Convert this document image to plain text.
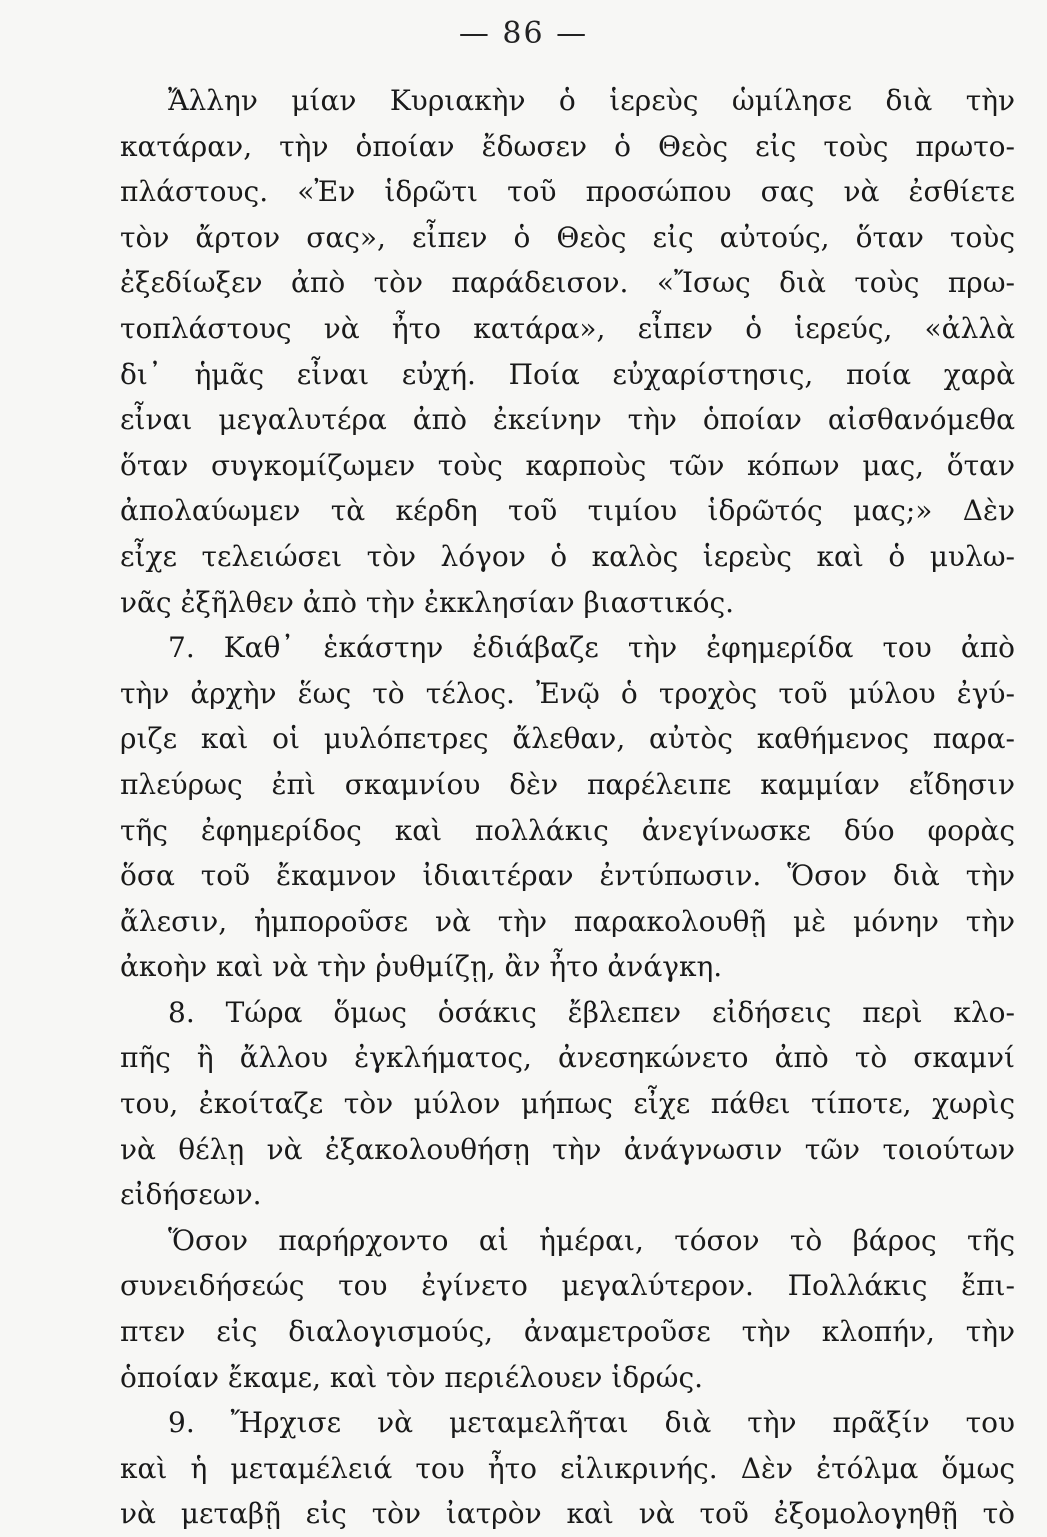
— 86 —
Ἄλλην μίαν Κυριακὴν ὁ ἱερεὺς ὡμίλησε διὰ τὴν
κατάραν, τὴν ὁποίαν ἔδωσεν ὁ Θεὸς εἰς τοὺς πρωτο-
πλάστους. «Ἐν ἱδρῶτι τοῦ προσώπου σας νὰ ἐσθίετε
τὸν ἄρτον σας», εἶπεν ὁ Θεὸς εἰς αὐτούς, ὅταν τοὺς
ἐξεδίωξεν ἀπὸ τὸν παράδεισον. «Ἴσως διὰ τοὺς πρω-
τοπλάστους νὰ ἦτο κατάρα», εἶπεν ὁ ἱερεύς, «ἀλλὰ
δι᾽ ἡμᾶς εἶναι εὐχή. Ποία εὐχαρίστησις, ποία χαρὰ
εἶναι μεγαλυτέρα ἀπὸ ἐκείνην τὴν ὁποίαν αἰσθανόμεθα
ὅταν συγκομίζωμεν τοὺς καρποὺς τῶν κόπων μας, ὅταν
ἀπολαύωμεν τὰ κέρδη τοῦ τιμίου ἱδρῶτός μας;» Δὲν
εἶχε τελειώσει τὸν λόγον ὁ καλὸς ἱερεὺς καὶ ὁ μυλω-
νᾶς ἐξῆλθεν ἀπὸ τὴν ἐκκλησίαν βιαστικός.
7. Καθ᾽ ἑκάστην ἐδιάβαζε τὴν ἐφημερίδα του ἀπὸ
τὴν ἀρχὴν ἕως τὸ τέλος. Ἐνῷ ὁ τροχὸς τοῦ μύλου ἐγύ-
ριζε καὶ οἱ μυλόπετρες ἄλεθαν, αὐτὸς καθήμενος παρα-
πλεύρως ἐπὶ σκαμνίου δὲν παρέλειπε καμμίαν εἴδησιν
τῆς ἐφημερίδος καὶ πολλάκις ἀνεγίνωσκε δύο φορὰς
ὅσα τοῦ ἔκαμνον ἰδιαιτέραν ἐντύπωσιν. Ὅσον διὰ τὴν
ἄλεσιν, ἠμποροῦσε νὰ τὴν παρακολουθῇ μὲ μόνην τὴν
ἀκοὴν καὶ νὰ τὴν ῥυθμίζῃ, ἂν ἦτο ἀνάγκη.
8. Τώρα ὅμως ὁσάκις ἔβλεπεν εἰδήσεις περὶ κλο-
πῆς ἢ ἄλλου ἐγκλήματος, ἀνεσηκώνετο ἀπὸ τὸ σκαμνί
του, ἐκοίταζε τὸν μύλον μήπως εἶχε πάθει τίποτε, χωρὶς
νὰ θέλῃ νὰ ἐξακολουθήσῃ τὴν ἀνάγνωσιν τῶν τοιούτων
εἰδήσεων.
Ὅσον παρήρχοντο αἱ ἡμέραι, τόσον τὸ βάρος τῆς
συνειδήσεώς του ἐγίνετο μεγαλύτερον. Πολλάκις ἔπι-
πτεν εἰς διαλογισμούς, ἀναμετροῦσε τὴν κλοπήν, τὴν
ὁποίαν ἔκαμε, καὶ τὸν περιέλουεν ἱδρώς.
9. Ἤρχισε νὰ μεταμελῆται διὰ τὴν πρᾶξίν του
καὶ ἡ μεταμέλειά του ἦτο εἰλικρινής. Δὲν ἐτόλμα ὅμως
νὰ μεταβῇ εἰς τὸν ἰατρὸν καὶ νὰ τοῦ ἐξομολογηθῇ τὸ
